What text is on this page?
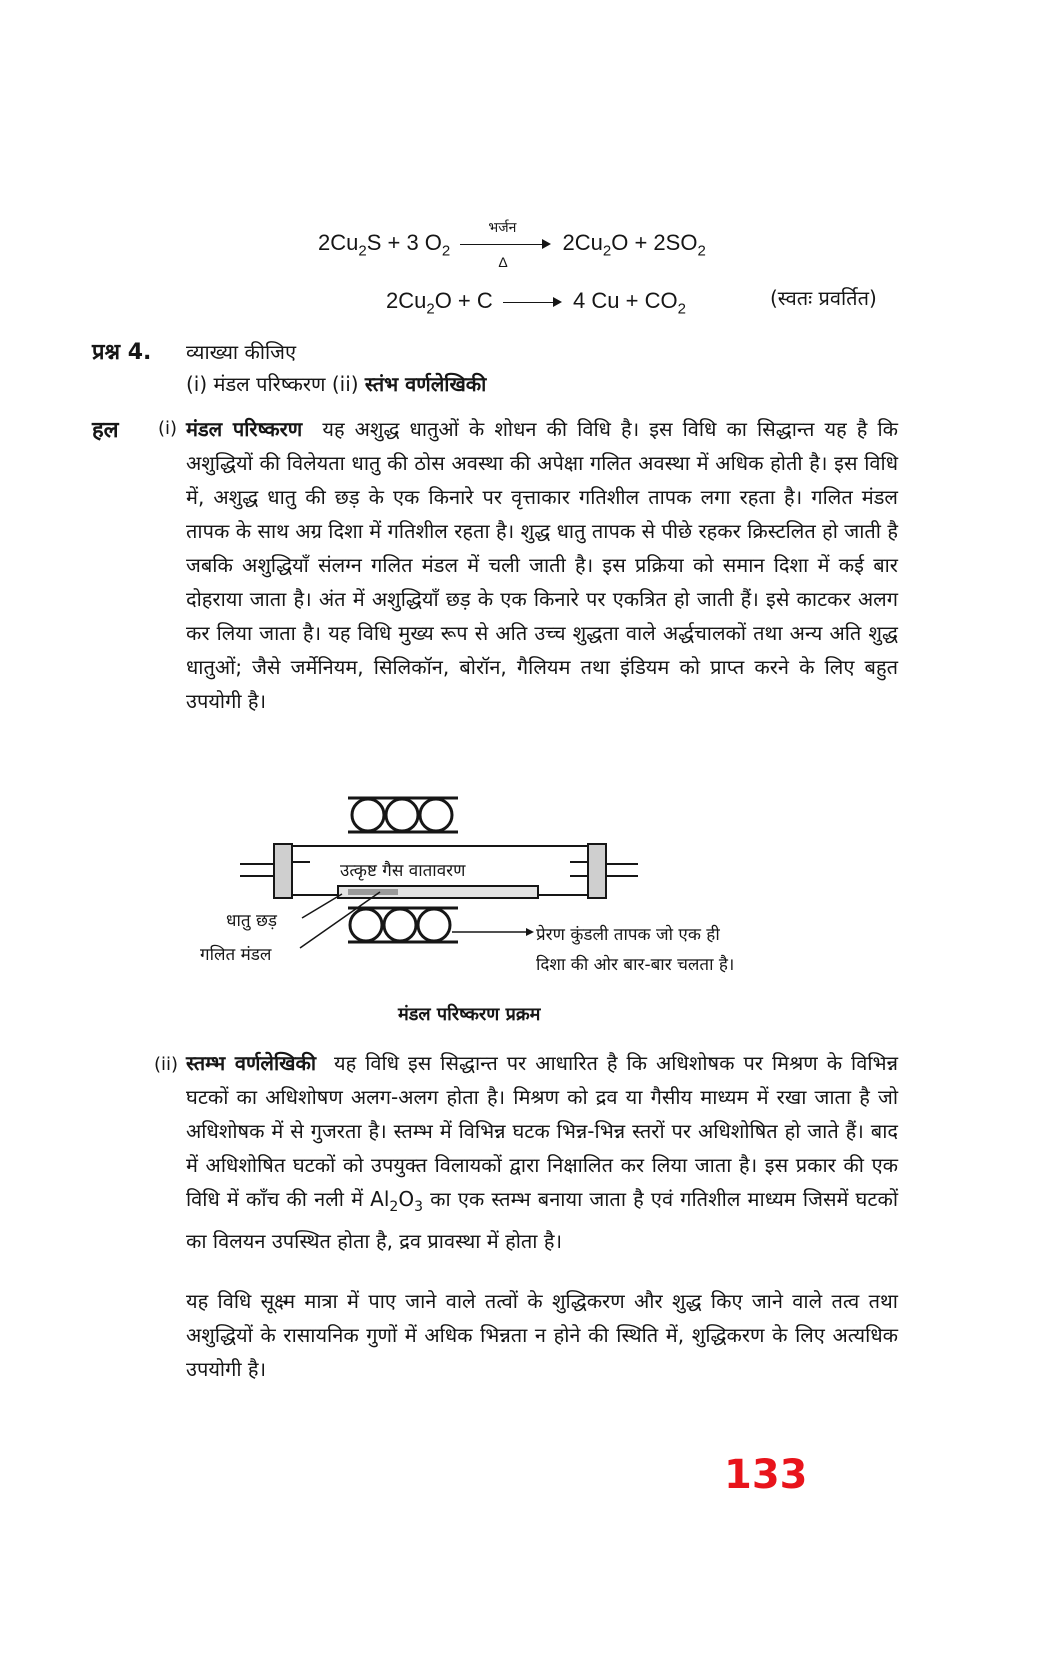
$2Cu_2S + 3$ $O_2$
भर्जन
Δ
$2Cu_2O + 2SO_2$
$2Cu_2O + C$	4 $Cu + CO_2$	(स्वतः प्रवर्तित)
प्रश्न 4. व्याख्या कीजिए
(i) मंडल परिष्करण (ii) स्तंभ वर्णलेखिकी
हल (i) मंडल परिष्करण यह अशुद्ध धातुओं के शोधन की विधि है। इस विधि का सिद्धान्त यह है कि अशुद्धियों की विलेयता धातु की ठोस अवस्था की अपेक्षा गलित अवस्था में अधिक होती है। इस विधि में, अशुद्ध धातु की छड़ के एक किनारे पर वृत्ताकार गतिशील तापक लगा रहता है। गलित मंडल तापक के साथ अग्र दिशा में गतिशील रहता है। शुद्ध धातु तापक से पीछे रहकर क्रिस्टलित हो जाती है जबकि अशुद्धियाँ संलग्न गलित मंडल में चली जाती है। इस प्रक्रिया को समान दिशा में कई बार दोहराया जाता है। अंत में अशुद्धियाँ छड़ के एक किनारे पर एकत्रित हो जाती हैं। इसे काटकर अलग कर लिया जाता है। यह विधि मुख्य रूप से अति उच्च शुद्धता वाले अर्द्धचालकों तथा अन्य अति शुद्ध धातुओं; जैसे जर्मेनियम, सिलिकॉन, बोरॉन, गैलियम तथा इंडियम को प्राप्त करने के लिए बहुत उपयोगी है।
उत्कृष्ट गैस वातावरण
धातु छड़
गलित मंडल
प्रेरण कुंडली तापक जो एक ही
दिशा की ओर बार-बार चलता है।
मंडल परिष्करण प्रक्रम
(ii) स्तम्भ वर्णलेखिकी यह विधि इस सिद्धान्त पर आधारित है कि अधिशोषक पर मिश्रण के विभिन्न घटकों का अधिशोषण अलग-अलग होता है। मिश्रण को द्रव या गैसीय माध्यम में रखा जाता है जो अधिशोषक में से गुजरता है। स्तम्भ में विभिन्न घटक भिन्न-भिन्न स्तरों पर अधिशोषित हो जाते हैं। बाद में अधिशोषित घटकों को उपयुक्त विलायकों द्वारा निक्षालित कर लिया जाता है। इस प्रकार की एक विधि में काँच की नली में $Al_2O_3$ का एक स्तम्भ बनाया जाता है एवं गतिशील माध्यम जिसमें घटकों का विलयन उपस्थित होता है, द्रव प्रावस्था में होता है।
यह विधि सूक्ष्म मात्रा में पाए जाने वाले तत्वों के शुद्धिकरण और शुद्ध किए जाने वाले तत्व तथा अशुद्धियों के रासायनिक गुणों में अधिक भिन्नता न होने की स्थिति में, शुद्धिकरण के लिए अत्यधिक उपयोगी है।
133
